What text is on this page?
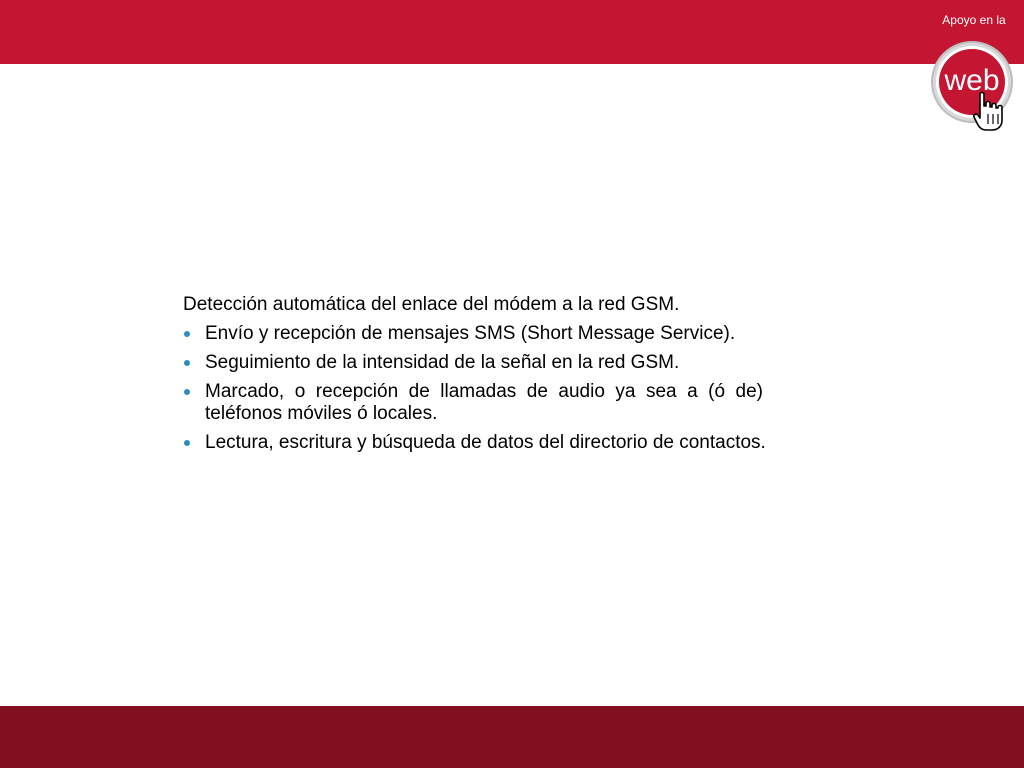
web
Apoyo en la

Detección automática del enlace del módem a la red GSM.

Envío y recepción de mensajes SMS (Short Message Service).
Seguimiento de la intensidad de la señal en la red GSM.
Marcado, o recepción de llamadas de audio ya sea a (ó de) teléfonos móviles ó locales.
Lectura, escritura y búsqueda de datos del directorio de contactos.
